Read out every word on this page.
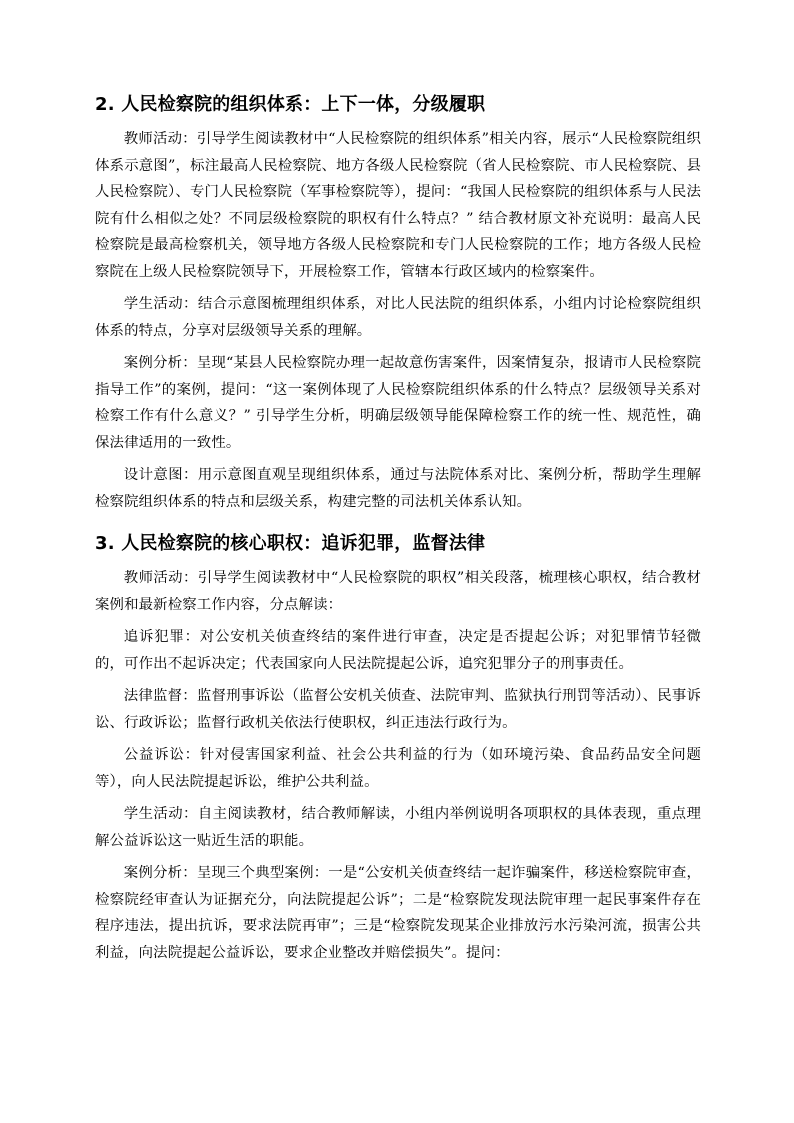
2. 人民检察院的组织体系：上下一体，分级履职

教师活动：引导学生阅读教材中“人民检察院的组织体系”相关内容，展示“人民检察院组织体系示意图”，标注最高人民检察院、地方各级人民检察院（省人民检察院、市人民检察院、县人民检察院）、专门人民检察院（军事检察院等），提问：“我国人民检察院的组织体系与人民法院有什么相似之处？不同层级检察院的职权有什么特点？” 结合教材原文补充说明：最高人民检察院是最高检察机关，领导地方各级人民检察院和专门人民检察院的工作；地方各级人民检察院在上级人民检察院领导下，开展检察工作，管辖本行政区域内的检察案件。

学生活动：结合示意图梳理组织体系，对比人民法院的组织体系，小组内讨论检察院组织体系的特点，分享对层级领导关系的理解。

案例分析：呈现“某县人民检察院办理一起故意伤害案件，因案情复杂，报请市人民检察院指导工作”的案例，提问：“这一案例体现了人民检察院组织体系的什么特点？层级领导关系对检察工作有什么意义？” 引导学生分析，明确层级领导能保障检察工作的统一性、规范性，确保法律适用的一致性。

设计意图：用示意图直观呈现组织体系，通过与法院体系对比、案例分析，帮助学生理解检察院组织体系的特点和层级关系，构建完整的司法机关体系认知。

3. 人民检察院的核心职权：追诉犯罪，监督法律

教师活动：引导学生阅读教材中“人民检察院的职权”相关段落，梳理核心职权，结合教材案例和最新检察工作内容，分点解读：

追诉犯罪：对公安机关侦查终结的案件进行审查，决定是否提起公诉；对犯罪情节轻微的，可作出不起诉决定；代表国家向人民法院提起公诉，追究犯罪分子的刑事责任。

法律监督：监督刑事诉讼（监督公安机关侦查、法院审判、监狱执行刑罚等活动）、民事诉讼、行政诉讼；监督行政机关依法行使职权，纠正违法行政行为。

公益诉讼：针对侵害国家利益、社会公共利益的行为（如环境污染、食品药品安全问题等），向人民法院提起诉讼，维护公共利益。

学生活动：自主阅读教材，结合教师解读，小组内举例说明各项职权的具体表现，重点理解公益诉讼这一贴近生活的职能。

案例分析：呈现三个典型案例：一是“公安机关侦查终结一起诈骗案件，移送检察院审查，检察院经审查认为证据充分，向法院提起公诉”；二是“检察院发现法院审理一起民事案件存在程序违法，提出抗诉，要求法院再审”；三是“检察院发现某企业排放污水污染河流，损害公共利益，向法院提起公益诉讼，要求企业整改并赔偿损失”。提问：
